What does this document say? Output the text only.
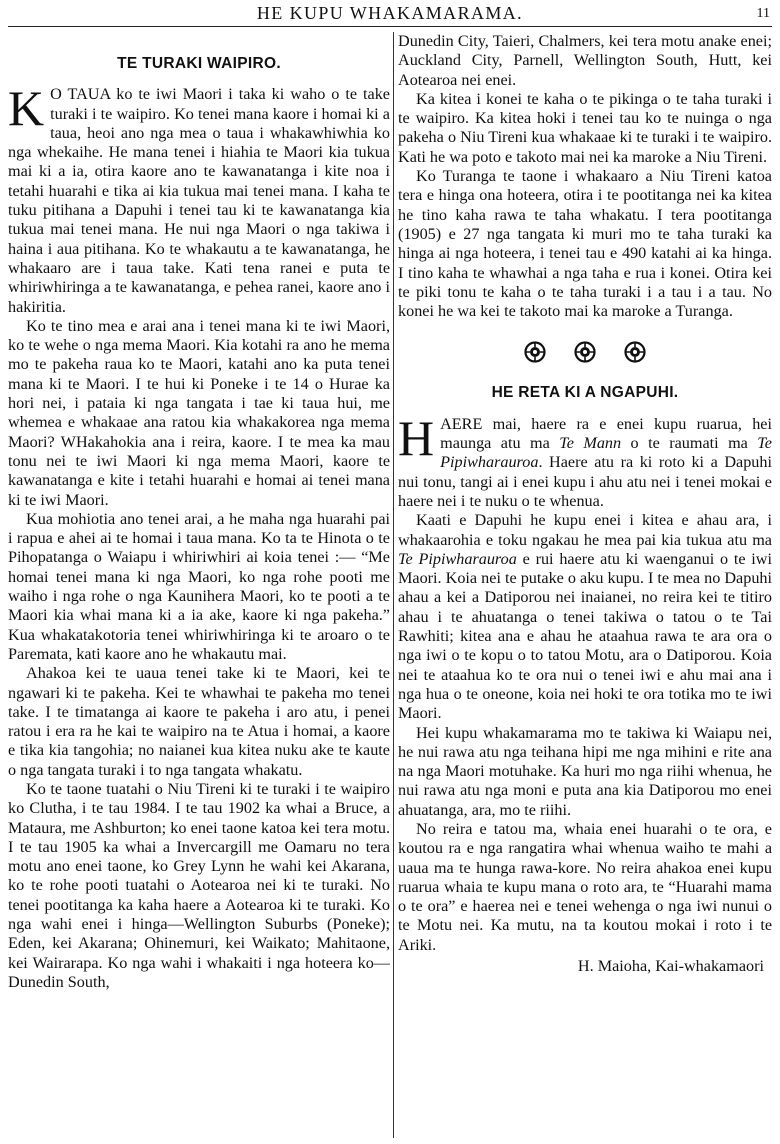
HE KUPU WHAKAMARAMA.	11
TE TURAKI WAIPIRO.

K O TAUA ko te iwi Maori i taka ki waho o te take turaki i te waipiro. Ko tenei mana kaore i homai ki a taua, heoi ano nga mea o taua i whakawhiwhia ko nga whekaihe. He mana tenei i hiahia te Maori kia tukua mai ki a ia, otira kaore ano te kawanatanga i kite noa i tetahi huarahi e tika ai kia tukua mai tenei mana. I kaha te tuku pitihana a Dapuhi i tenei tau ki te kawanatanga kia tukua mai tenei mana. He nui nga Maori o nga takiwa i haina i aua pitihana. Ko te whakautu a te kawanatanga, he whakaaro are i taua take. Kati tena ranei e puta te whiriwhiringa a te kawanatanga, e pehea ranei, kaore ano i hakiritia.

Ko te tino mea e arai ana i tenei mana ki te iwi Maori, ko te wehe o nga mema Maori. Kia kotahi ra ano he mema mo te pakeha raua ko te Maori, katahi ano ka puta tenei mana ki te Maori. I te hui ki Poneke i te 14 o Hurae ka hori nei, i pataia ki nga tangata i tae ki taua hui, me whemea e whakaae ana ratou kia whakakorea nga mema Maori? WHakahokia ana i reira, kaore. I te mea ka mau tonu nei te iwi Maori ki nga mema Maori, kaore te kawanatanga e kite i tetahi huarahi e homai ai tenei mana ki te iwi Maori.

Kua mohiotia ano tenei arai, a he maha nga huarahi pai i rapua e ahei ai te homai i taua mana. Ko ta te Hinota o te Pihopatanga o Waiapu i whiriwhiri ai koia tenei :— “Me homai tenei mana ki nga Maori, ko nga rohe pooti me waiho i nga rohe o nga Kaunihera Maori, ko te pooti a te Maori kia whai mana ki a ia ake, kaore ki nga pakeha.” Kua whakatakotoria tenei whiriwhiringa ki te aroaro o te Paremata, kati kaore ano he whakautu mai.

Ahakoa kei te uaua tenei take ki te Maori, kei te ngawari ki te pakeha. Kei te whawhai te pakeha mo tenei take. I te timatanga ai kaore te pakeha i aro atu, i penei ratou i era ra he kai te waipiro na te Atua i homai, a kaore e tika kia tangohia; no naianei kua kitea nuku ake te kaute o nga tangata turaki i to nga tangata whakatu.

Ko te taone tuatahi o Niu Tireni ki te turaki i te waipiro ko Clutha, i te tau 1984. I te tau 1902 ka whai a Bruce, a Mataura, me Ashburton; ko enei taone katoa kei tera motu. I te tau 1905 ka whai a Invercargill me Oamaru no tera motu ano enei taone, ko Grey Lynn he wahi kei Akarana, ko te rohe pooti tuatahi o Aotearoa nei ki te turaki. No tenei pootitanga ka kaha haere a Aotearoa ki te turaki. Ko nga wahi enei i hinga—Wellington Suburbs (Poneke); Eden, kei Akarana; Ohinemuri, kei Waikato; Mahitaone, kei Wairarapa. Ko nga wahi i whakaiti i nga hoteera ko—Dunedin South,

Dunedin City, Taieri, Chalmers, kei tera motu anake enei; Auckland City, Parnell, Wellington South, Hutt, kei Aotearoa nei enei.

Ka kitea i konei te kaha o te pikinga o te taha turaki i te waipiro. Ka kitea hoki i tenei tau ko te nuinga o nga pakeha o Niu Tireni kua whakaae ki te turaki i te waipiro. Kati he wa poto e takoto mai nei ka maroke a Niu Tireni.

Ko Turanga te taone i whakaaro a Niu Tireni katoa tera e hinga ona hoteera, otira i te pootitanga nei ka kitea he tino kaha rawa te taha whakatu. I tera pootitanga (1905) e 27 nga tangata ki muri mo te taha turaki ka hinga ai nga hoteera, i tenei tau e 490 katahi ai ka hinga. I tino kaha te whawhai a nga taha e rua i konei. Otira kei te piki tonu te kaha o te taha turaki i a tau i a tau. No konei he wa kei te takoto mai ka maroke a Turanga.

HE RETA KI A NGAPUHI.

HAERE mai, haere ra e enei kupu ruarua, hei maunga atu ma Te Mann o te raumati ma Te Pipiwharauroa. Haere atu ra ki roto ki a Dapuhi nui tonu, tangi ai i enei kupu i ahu atu nei i tenei mokai e haere nei i te nuku o te whenua.

Kaati e Dapuhi he kupu enei i kitea e ahau ara, i whakaarohia e toku ngakau he mea pai kia tukua atu ma Te Pipiwharauroa e rui haere atu ki waenganui o te iwi Maori. Koia nei te putake o aku kupu. I te mea no Dapuhi ahau a kei a Datiporou nei inaianei, no reira kei te titiro ahau i te ahuatanga o tenei takiwa o tatou o te Tai Rawhiti; kitea ana e ahau he ataahua rawa te ara ora o nga iwi o te kopu o to tatou Motu, ara o Datiporou. Koia nei te ataahua ko te ora nui o tenei iwi e ahu mai ana i nga hua o te oneone, koia nei hoki te ora totika mo te iwi Maori.

Hei kupu whakamarama mo te takiwa ki Waiapu nei, he nui rawa atu nga teihana hipi me nga mihini e rite ana na nga Maori motuhake. Ka huri mo nga riihi whenua, he nui rawa atu nga moni e puta ana kia Datiporou mo enei ahuatanga, ara, mo te riihi.

No reira e tatou ma, whaia enei huarahi o te ora, e koutou ra e nga rangatira whai whenua waiho te mahi a uaua ma te hunga rawa-kore. No reira ahakoa enei kupu ruarua whaia te kupu mana o roto ara, te “Huarahi mama o te ora” e haerea nei e tenei wehenga o nga iwi nunui o te Motu nei. Ka mutu, na ta koutou mokai i roto i te Ariki.

H. Maioha, Kai-whakamaori
